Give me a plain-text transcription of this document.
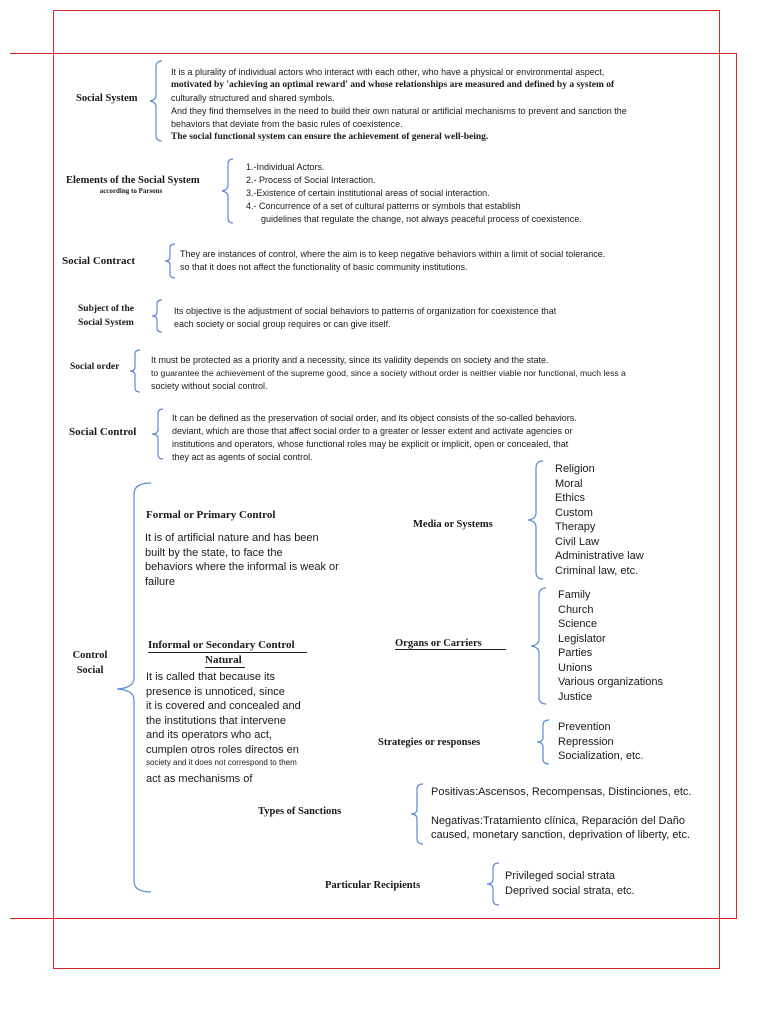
Social System
It is a plurality of individual actors who interact with each other, who have a physical or environmental aspect,
motivated by 'achieving an optimal reward' and whose relationships are measured and defined by a system of
culturally structured and shared symbols.
And they find themselves in the need to build their own natural or artificial mechanisms to prevent and sanction the
behaviors that deviate from the basic rules of coexistence.
The social functional system can ensure the achievement of general well-being.
Elements of the Social System
according to Parsons
1.-Individual Actors.
2.- Process of Social Interaction.
3.-Existence of certain institutional areas of social interaction.
4.- Concurrence of a set of cultural patterns or symbols that establish
guidelines that regulate the change, not always peaceful process of coexistence.
Social Contract
They are instances of control, where the aim is to keep negative behaviors within a limit of social tolerance.
so that it does not affect the functionality of basic community institutions.
Subject of the
Social System
Its objective is the adjustment of social behaviors to patterns of organization for coexistence that
each society or social group requires or can give itself.
Social order
It must be protected as a priority and a necessity, since its validity depends on society and the state.
to guarantee the achievement of the supreme good, since a society without order is neither viable nor functional, much less a
society without social control.
Social Control
It can be defined as the preservation of social order, and its object consists of the so-called behaviors.
deviant, which are those that affect social order to a greater or lesser extent and activate agencies or
institutions and operators, whose functional roles may be explicit or implicit, open or concealed, that
they act as agents of social control.
Control
Social
Formal or Primary Control
It is of artificial nature and has been
built by the state, to face the
behaviors where the informal is weak or
failure
Informal or Secondary Control
Natural
It is called that because its
presence is unnoticed, since
it is covered and concealed and
the institutions that intervene
and its operators who act,
cumplen otros roles directos en
society and it does not correspond to them
act as mechanisms of
Media or Systems
Religion
Moral
Ethics
Custom
Therapy
Civil Law
Administrative law
Criminal law, etc.
Organs or Carriers
Family
Church
Science
Legislator
Parties
Unions
Various organizations
Justice
Strategies or responses
Prevention
Repression
Socialization, etc.
Types of Sanctions
Positivas:Ascensos, Recompensas, Distinciones, etc.
Negativas:Tratamiento clínica, Reparación del Daño
caused, monetary sanction, deprivation of liberty, etc.
Particular Recipients
Privileged social strata
Deprived social strata, etc.
